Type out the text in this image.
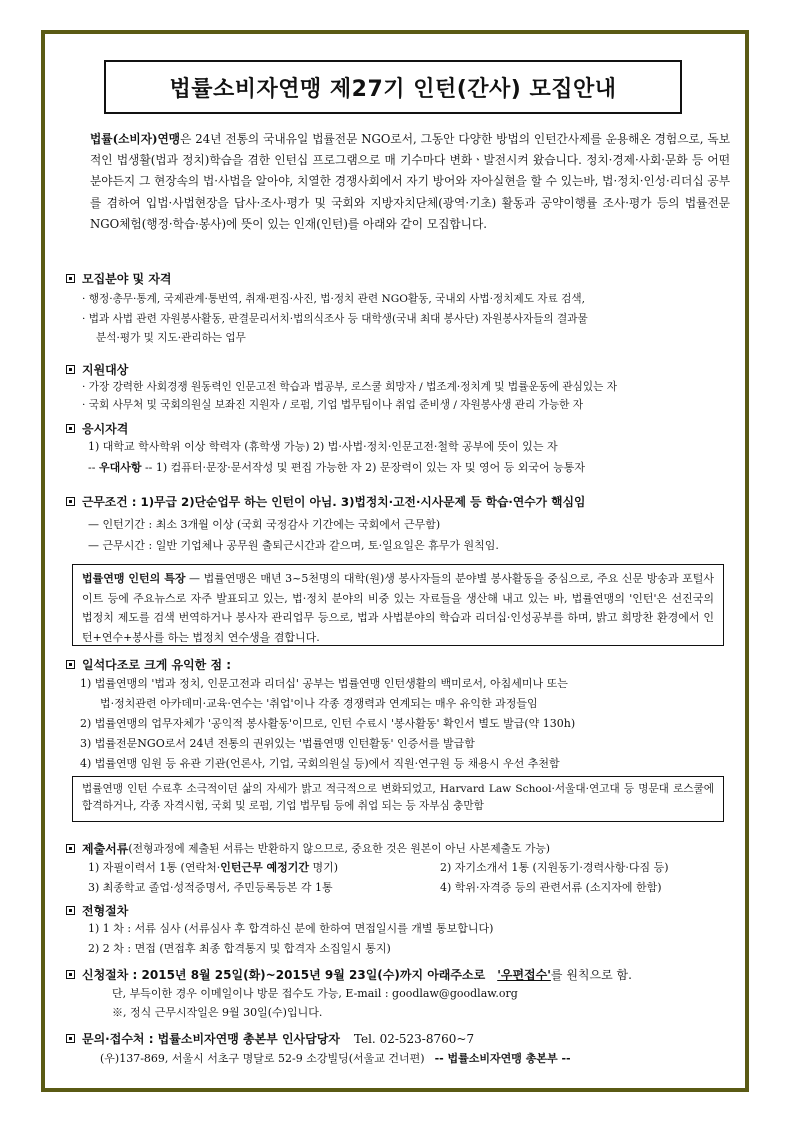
법률소비자연맹 제27기 인턴(간사) 모집안내

법률(소비자)연맹은 24년 전통의 국내유일 법률전문 NGO로서, 그동안 다양한 방법의 인턴간사제를 운용해온 경험으로, 독보적인 법생활(법과 정치)학습을 겸한 인턴십 프로그램으로 매 기수마다 변화ㆍ발전시켜 왔습니다. 정치·경제·사회·문화 등 어떤 분야든지 그 현장속의 법·사법을 알아야, 치열한 경쟁사회에서 자기 방어와 자아실현을 할 수 있는바, 법·정치·인성·리더십 공부를 겸하여 입법·사법현장을 답사·조사·평가 및 국회와 지방자치단체(광역·기초) 활동과 공약이행률 조사·평가 등의 법률전문NGO체험(행정·학습·봉사)에 뜻이 있는 인재(인턴)를 아래와 같이 모집합니다.

모집분야 및 자격
· 행정·총무·통계, 국제관계·통번역, 취재·편집·사진, 법·정치 관련 NGO활동, 국내외 사법·정치제도 자료 검색,
· 법과 사법 관련 자원봉사활동, 판결문리서치·법의식조사 등 대학생(국내 최대 봉사단) 자원봉사자들의 결과물
분석·평가 및 지도·관리하는 업무
지원대상
· 가장 강력한 사회경쟁 원동력인 인문고전 학습과 법공부, 로스쿨 희망자 / 법조계·정치계 및 법률운동에 관심있는 자
· 국회 사무처 및 국회의원실 보좌진 지원자 / 로펌, 기업 법무팀이나 취업 준비생 / 자원봉사생 관리 가능한 자
응시자격
1) 대학교 학사학위 이상 학력자 (휴학생 가능) 2) 법·사법·정치·인문고전·철학 공부에 뜻이 있는 자
-- 우대사항 -- 1) 컴퓨터·문장·문서작성 및 편집 가능한 자 2) 문장력이 있는 자 및 영어 등 외국어 능통자
근무조건 : 1)무급 2)단순업무 하는 인턴이 아님. 3)법정치·고전·시사문제 등 학습·연수가 핵심임
— 인턴기간 : 최소 3개월 이상 (국회 국정감사 기간에는 국회에서 근무함)
— 근무시간 : 일반 기업체나 공무원 출퇴근시간과 같으며, 토·일요일은 휴무가 원칙임.
법률연맹 인턴의 특장 — 법률연맹은 매년 3~5천명의 대학(원)생 봉사자들의 분야별 봉사활동을 중심으로, 주요 신문 방송과 포털사이트 등에 주요뉴스로 자주 발표되고 있는, 법·정치 분야의 비중 있는 자료들을 생산해 내고 있는 바, 법률연맹의 '인턴'은 선진국의 법정치 제도를 검색 번역하거나 봉사자 관리업무 등으로, 법과 사법분야의 학습과 리더십·인성공부를 하며, 밝고 희망찬 환경에서 인턴+연수+봉사를 하는 법정치 연수생을 겸합니다.
일석다조로 크게 유익한 점 :
1) 법률연맹의 '법과 정치, 인문고전과 리더십' 공부는 법률연맹 인턴생활의 백미로서, 아침세미나 또는
법·정치관련 아카데미·교육·연수는 '취업'이나 각종 경쟁력과 연계되는 매우 유익한 과정들임
2) 법률연맹의 업무자체가 '공익적 봉사활동'이므로, 인턴 수료시 '봉사활동' 확인서 별도 발급(약 130h)
3) 법률전문NGO로서 24년 전통의 권위있는 '법률연맹 인턴활동' 인증서를 발급함
4) 법률연맹 임원 등 유관 기관(언론사, 기업, 국회의원실 등)에서 직원·연구원 등 채용시 우선 추천함
법률연맹 인턴 수료후 소극적이던 삶의 자세가 밝고 적극적으로 변화되었고, Harvard Law School·서울대·연고대 등 명문대 로스쿨에 합격하거나, 각종 자격시험, 국회 및 로펌, 기업 법무팀 등에 취업 되는 등 자부심 충만함
제출서류 (전형과정에 제출된 서류는 반환하지 않으므로, 중요한 것은 원본이 아닌 사본제출도 가능)
1) 자필이력서 1통 (연락처·인턴근무 예정기간 명기)	2) 자기소개서 1통 (지원동기·경력사항·다짐 등)
3) 최종학교 졸업·성적증명서, 주민등록등본 각 1통	4) 학위·자격증 등의 관련서류 (소지자에 한함)
전형절차
1) 1 차 : 서류 심사 (서류심사 후 합격하신 분에 한하여 면접일시를 개별 통보합니다)
2) 2 차 : 면접 (면접후 최종 합격통지 및 합격자 소집일시 통지)
신청절차 : 2015년 8월 25일(화)~2015년 9월 23일(수)까지 아래주소로 '우편접수' 를 원칙으로 함.
단, 부득이한 경우 이메일이나 방문 접수도 가능, E-mail : goodlaw@goodlaw.org
※, 정식 근무시작일은 9월 30일(수)입니다.
문의·접수처 : 법률소비자연맹 총본부 인사담당자 Tel. 02-523-8760~7
(우)137-869, 서울시 서초구 명달로 52-9 소강빌딩(서울교 건너편) -- 법률소비자연맹 총본부 --
